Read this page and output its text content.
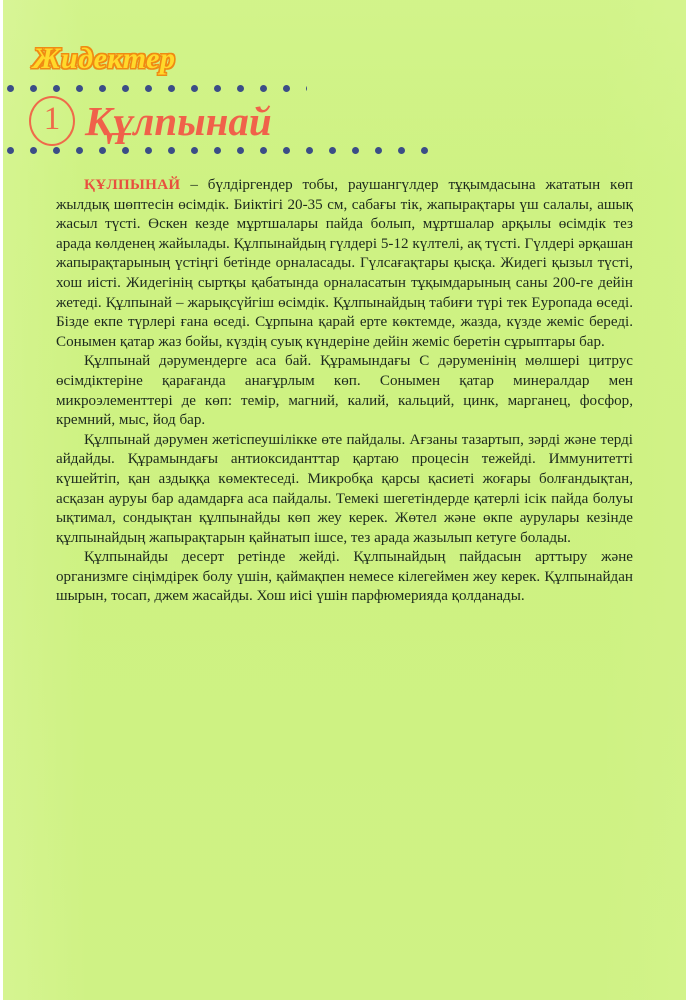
Жидектер
1 Құлпынай

ҚҰЛПЫНАЙ – бүлдіргендер тобы, раушангүлдер тұқымдасына жататын көп жылдық шөптесін өсімдік. Биіктігі 20-35 см, сабағы тік, жапырақтары үш салалы, ашық жасыл түсті. Өскен кезде мұртшалары пайда болып, мұртшалар арқылы өсімдік тез арада көлденең жайылады. Құлпынайдың гүлдері 5-12 күлтелі, ақ түсті. Гүлдері әрқашан жапырақтарының үстіңгі бетінде орналасады. Гүлсағақтары қысқа. Жидегі қызыл түсті, хош иісті. Жидегінің сыртқы қабатында орналасатын тұқымдарының саны 200-ге дейін жетеді. Құлпынай – жарықсүйгіш өсімдік. Құлпынайдың табиғи түрі тек Еуропада өседі. Бізде екпе түрлері ғана өседі. Сұрпына қарай ерте көктемде, жазда, күзде жеміс береді. Сонымен қатар жаз бойы, күздің суық күндеріне дейін жеміс беретін сұрыптары бар.

Құлпынай дәрумендерге аса бай. Құрамындағы С дәруменінің мөлшері цитрус өсімдіктеріне қарағанда анағұрлым көп. Сонымен қатар минералдар мен микроэлементтері де көп: темір, магний, калий, кальций, цинк, марганец, фосфор, кремний, мыс, йод бар.

Құлпынай дәрумен жетіспеушілікке өте пайдалы. Ағзаны тазартып, зәрді және терді айдайды. Құрамындағы антиоксиданттар қартаю процесін тежейді. Иммунитетті күшейтіп, қан аздыққа көмектеседі. Микробқа қарсы қасиеті жоғары болғандықтан, асқазан ауруы бар адамдарға аса пайдалы. Темекі шегетіндерде қатерлі ісік пайда болуы ықтимал, сондықтан құлпынайды көп жеу керек. Жөтел және өкпе аурулары кезінде құлпынайдың жапырақтарын қайнатып ішсе, тез арада жазылып кетуге болады.

Құлпынайды десерт ретінде жейді. Құлпынайдың пайдасын арттыру және организмге сіңімдірек болу үшін, қаймақпен немесе кілегеймен жеу керек. Құлпынайдан шырын, тосап, джем жасайды. Хош иісі үшін парфюмерияда қолданады.
